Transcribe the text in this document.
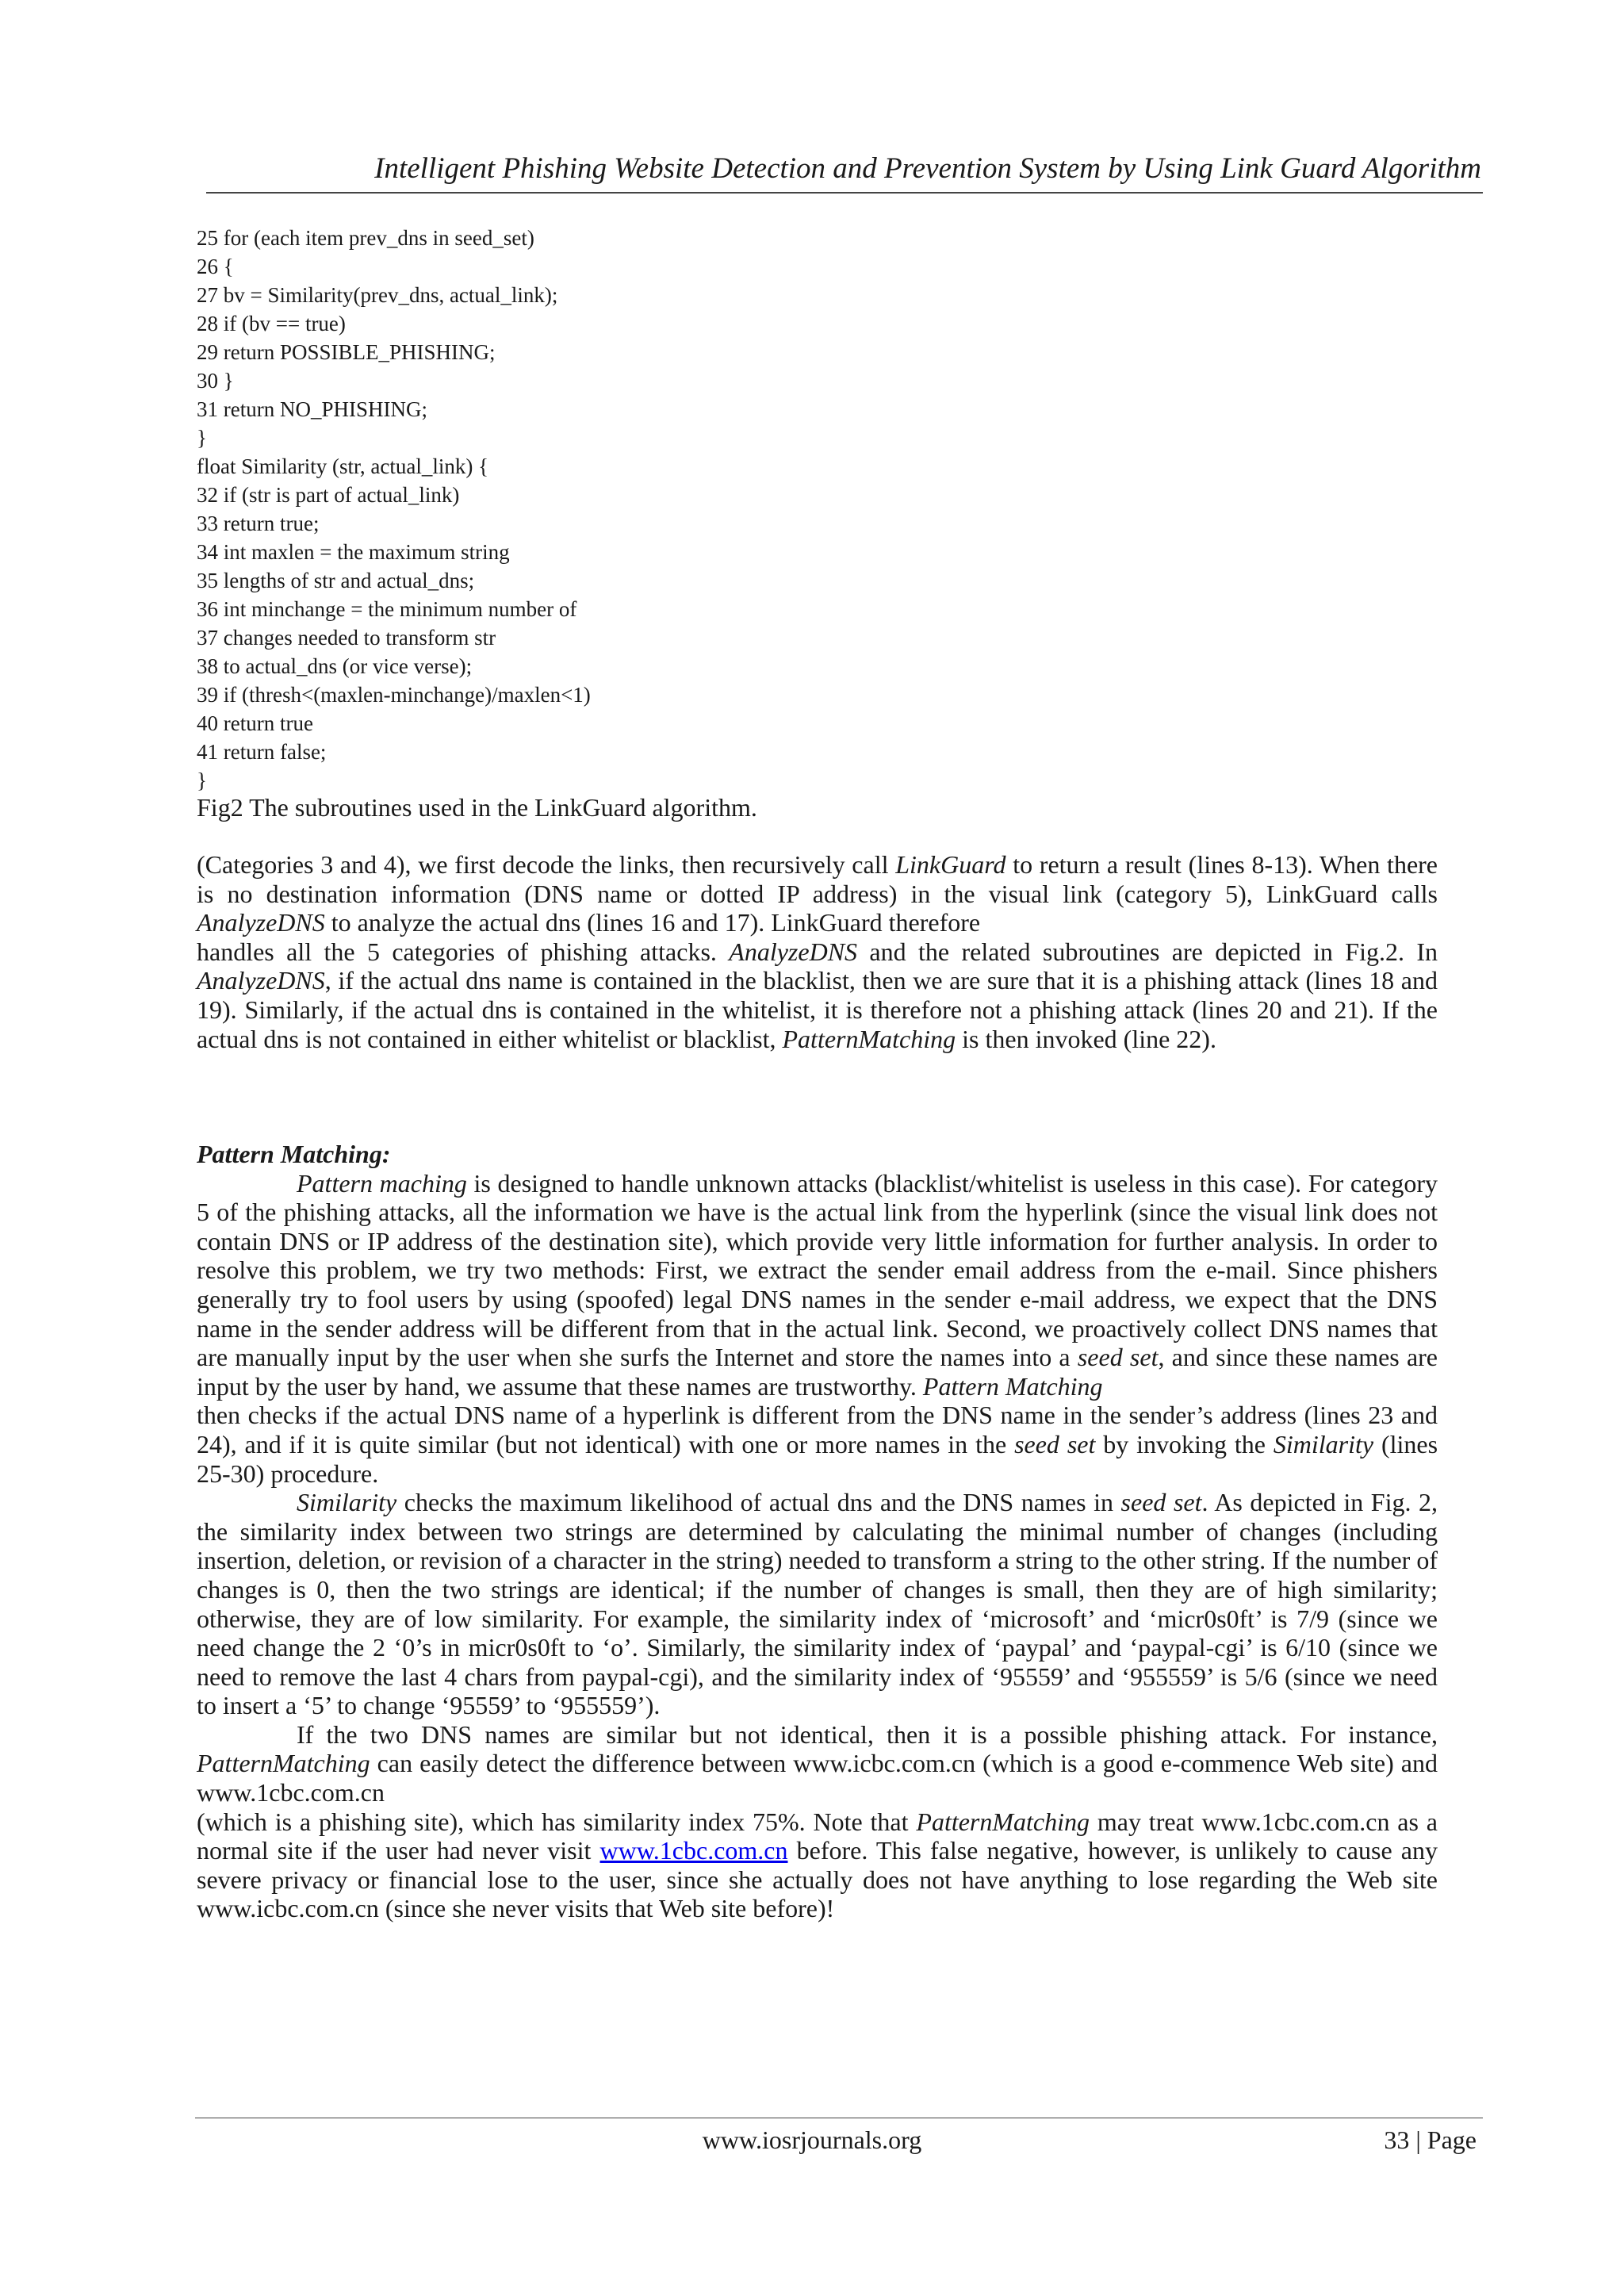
Intelligent Phishing Website Detection and Prevention System by Using Link Guard Algorithm
25 for (each item prev_dns in seed_set)
26 {
27 bv = Similarity(prev_dns, actual_link);
28 if (bv == true)
29 return POSSIBLE_PHISHING;
30 }
31 return NO_PHISHING;
}
float Similarity (str, actual_link) {
32 if (str is part of actual_link)
33 return true;
34 int maxlen = the maximum string
35 lengths of str and actual_dns;
36 int minchange = the minimum number of
37 changes needed to transform str
38 to actual_dns (or vice verse);
39 if (thresh<(maxlen-minchange)/maxlen<1)
40 return true
41 return false;
}
Fig2 The subroutines used in the LinkGuard algorithm.

(Categories 3 and 4), we first decode the links, then recursively call LinkGuard to return a result (lines 8-13). When there is no destination information (DNS name or dotted IP address) in the visual link (category 5), LinkGuard calls AnalyzeDNS to analyze the actual dns (lines 16 and 17). LinkGuard therefore

handles all the 5 categories of phishing attacks. AnalyzeDNS and the related subroutines are depicted in Fig.2. In AnalyzeDNS, if the actual dns name is contained in the blacklist, then we are sure that it is a phishing attack (lines 18 and 19). Similarly, if the actual dns is contained in the whitelist, it is therefore not a phishing attack (lines 20 and 21). If the actual dns is not contained in either whitelist or blacklist, PatternMatching is then invoked (line 22).

Pattern Matching:

Pattern maching is designed to handle unknown attacks (blacklist/whitelist is useless in this case). For category 5 of the phishing attacks, all the information we have is the actual link from the hyperlink (since the visual link does not contain DNS or IP address of the destination site), which provide very little information for further analysis. In order to resolve this problem, we try two methods: First, we extract the sender email address from the e-mail. Since phishers generally try to fool users by using (spoofed) legal DNS names in the sender e-mail address, we expect that the DNS name in the sender address will be different from that in the actual link. Second, we proactively collect DNS names that are manually input by the user when she surfs the Internet and store the names into a seed set, and since these names are input by the user by hand, we assume that these names are trustworthy. Pattern Matching

then checks if the actual DNS name of a hyperlink is different from the DNS name in the sender’s address (lines 23 and 24), and if it is quite similar (but not identical) with one or more names in the seed set by invoking the Similarity (lines 25-30) procedure.

Similarity checks the maximum likelihood of actual dns and the DNS names in seed set. As depicted in Fig. 2, the similarity index between two strings are determined by calculating the minimal number of changes (including insertion, deletion, or revision of a character in the string) needed to transform a string to the other string. If the number of changes is 0, then the two strings are identical; if the number of changes is small, then they are of high similarity; otherwise, they are of low similarity. For example, the similarity index of ‘microsoft’ and ‘micr0s0ft’ is 7/9 (since we need change the 2 ‘0’s in micr0s0ft to ‘o’. Similarly, the similarity index of ‘paypal’ and ‘paypal-cgi’ is 6/10 (since we need to remove the last 4 chars from paypal-cgi), and the similarity index of ‘95559’ and ‘955559’ is 5/6 (since we need to insert a ‘5’ to change ‘95559’ to ‘955559’).

If the two DNS names are similar but not identical, then it is a possible phishing attack. For instance, PatternMatching can easily detect the difference between www.icbc.com.cn (which is a good e-commence Web site) and www.1cbc.com.cn

(which is a phishing site), which has similarity index 75%. Note that PatternMatching may treat www.1cbc.com.cn as a normal site if the user had never visit www.1cbc.com.cn before. This false negative, however, is unlikely to cause any severe privacy or financial lose to the user, since she actually does not have anything to lose regarding the Web site www.icbc.com.cn (since she never visits that Web site before)!

www.iosrjournals.org	33 | Page
